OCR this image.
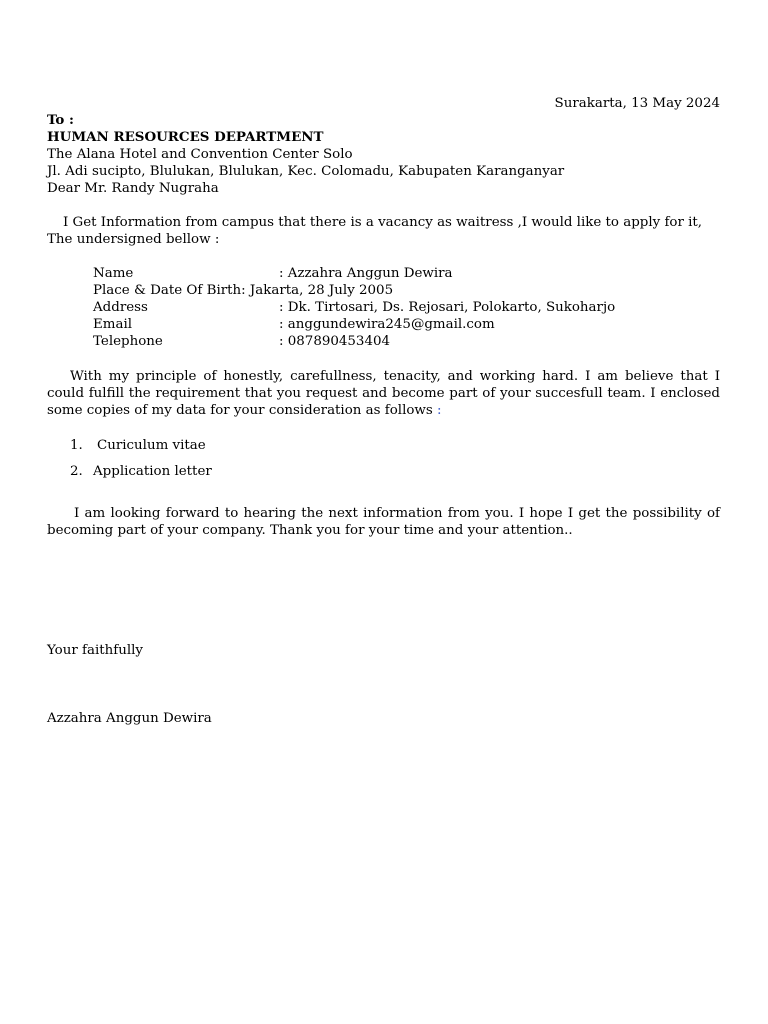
Surakarta, 13 May 2024
To :
HUMAN RESOURCES DEPARTMENT
The Alana Hotel and Convention Center Solo
Jl. Adi sucipto, Blulukan, Blulukan, Kec. Colomadu, Kabupaten Karanganyar
Dear Mr. Randy Nugraha
I Get Information from campus that there is a vacancy as waitress ,I would like to apply for it,
The undersigned bellow :
Name	: Azzahra Anggun Dewira
Place & Date Of Birth: Jakarta, 28 July 2005
Address	: Dk. Tirtosari, Ds. Rejosari, Polokarto, Sukoharjo
Email	: anggundewira245@gmail.com
Telephone	: 087890453404
With my principle of honestly, carefullness, tenacity, and working hard. I am believe that I could fulfill the requirement that you request and become part of your succesfull team. I enclosed some copies of my data for your consideration as follows :
1. Curiculum vitae
2. Application letter
I am looking forward to hearing the next information from you. I hope I get the possibility of becoming part of your company. Thank you for your time and your attention..
Your faithfully
Azzahra Anggun Dewira
